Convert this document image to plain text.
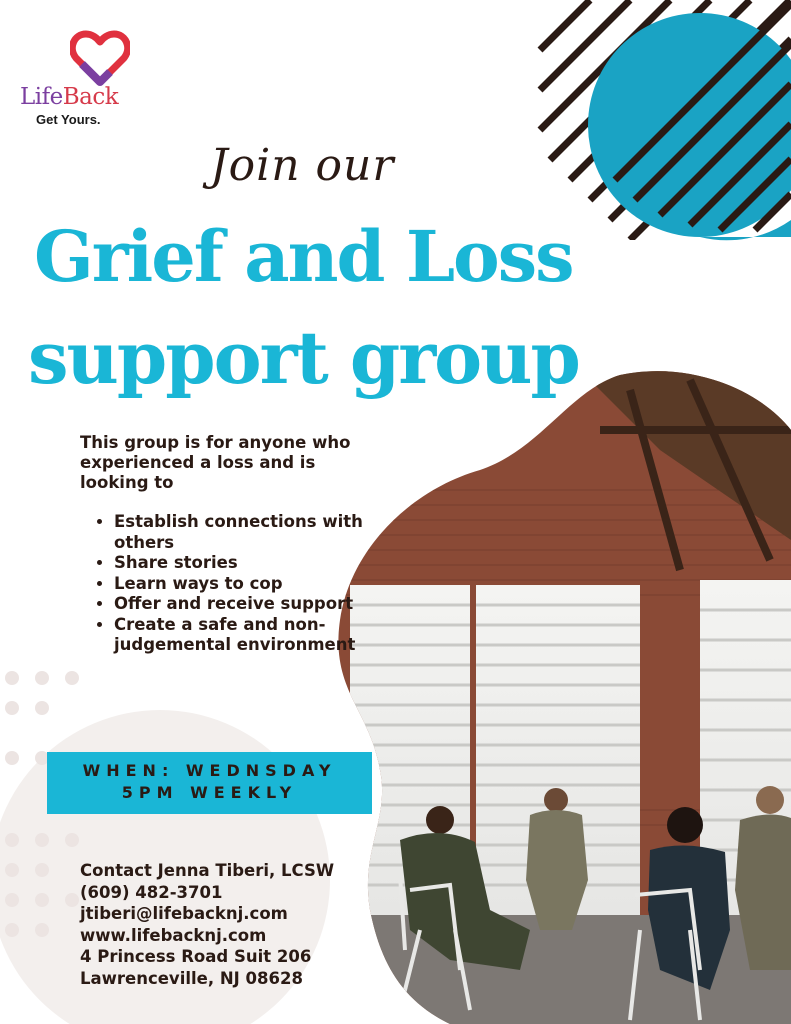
LifeBack
Get Yours.
Join our
Grief and Loss
support group
This group is for anyone who experienced a loss and is looking to
• Establish connections with others
• Share stories
• Learn ways to cop
• Offer and receive support
• Create a safe and non-judgemental environment
WHEN: WEDNSDAY
5PM WEEKLY
Contact Jenna Tiberi, LCSW
(609) 482-3701
jtiberi@lifebacknj.com
www.lifebacknj.com
4 Princess Road Suit 206
Lawrenceville, NJ 08628
